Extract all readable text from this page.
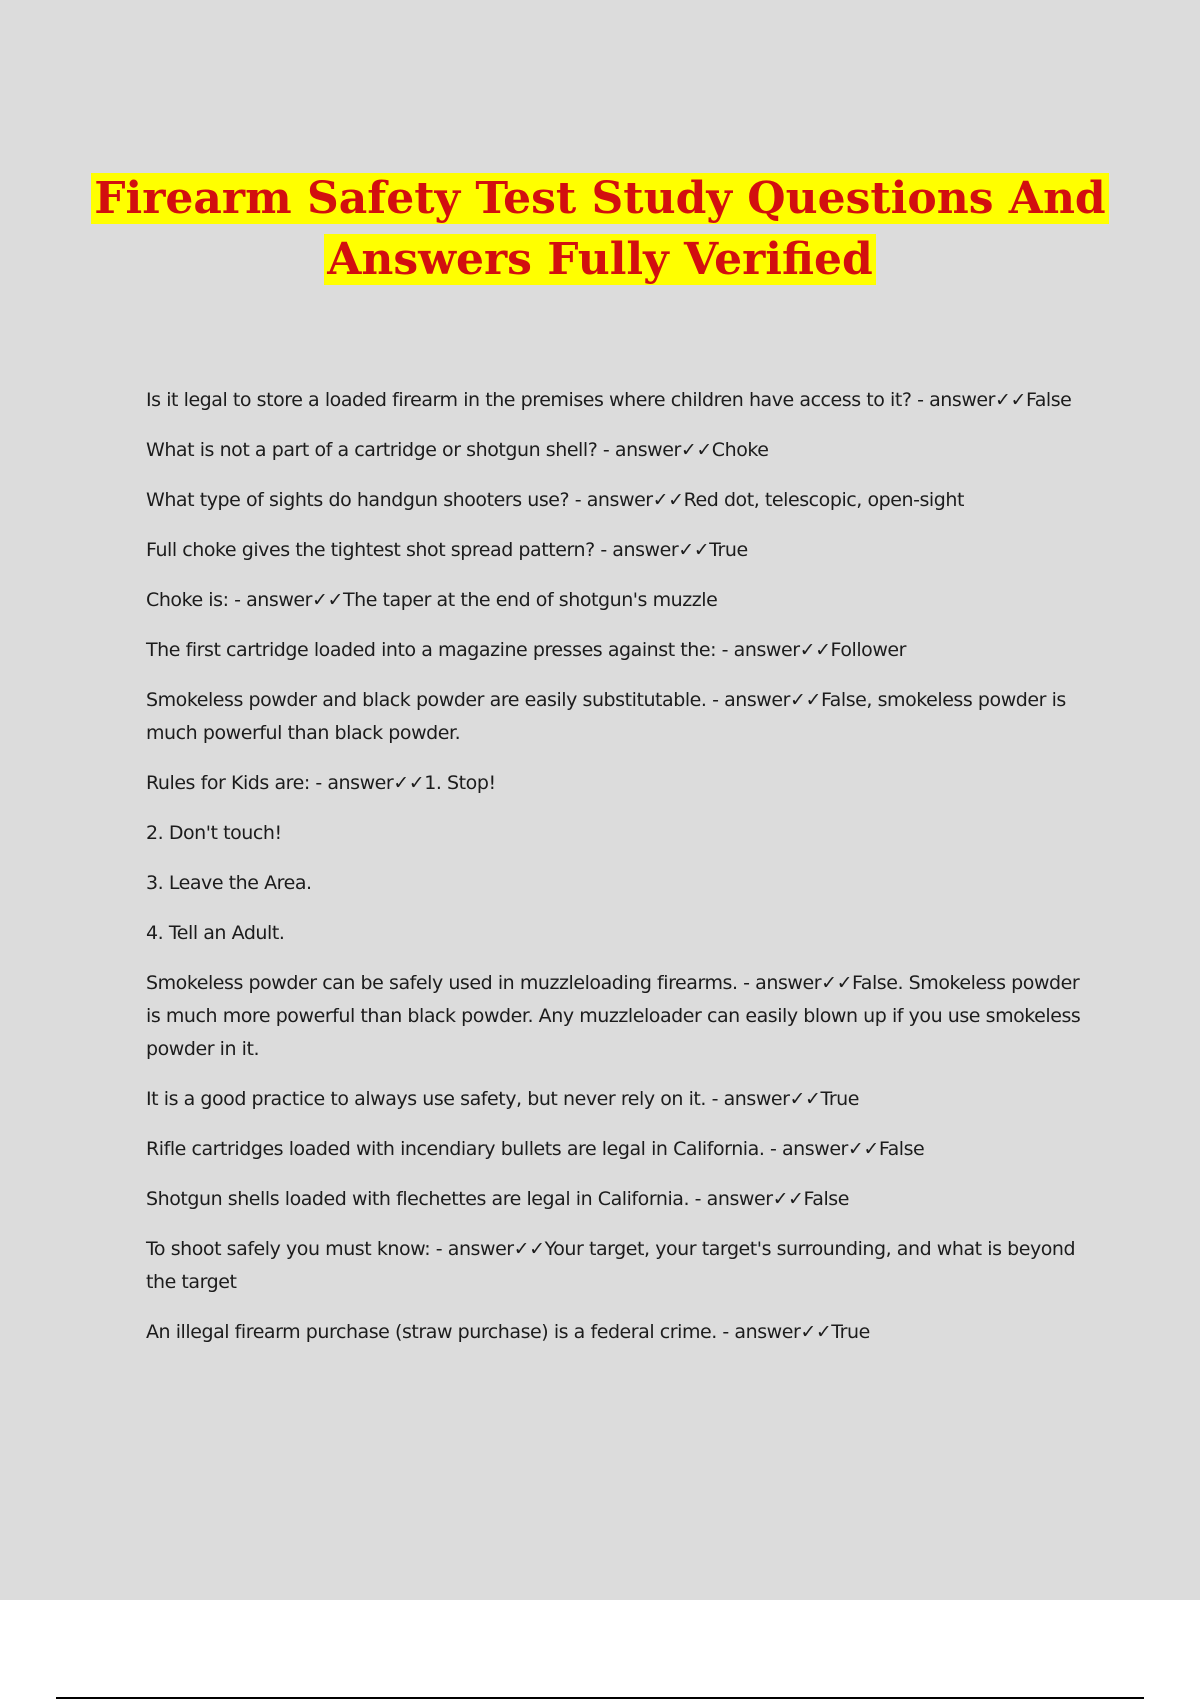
Firearm Safety Test Study Questions And
Answers Fully Verified

Is it legal to store a loaded firearm in the premises where children have access to it? - answer✓✓False

What is not a part of a cartridge or shotgun shell? - answer✓✓Choke

What type of sights do handgun shooters use? - answer✓✓Red dot, telescopic, open-sight

Full choke gives the tightest shot spread pattern? - answer✓✓True

Choke is: - answer✓✓The taper at the end of shotgun's muzzle

The first cartridge loaded into a magazine presses against the: - answer✓✓Follower

Smokeless powder and black powder are easily substitutable. - answer✓✓False, smokeless powder is much powerful than black powder.

Rules for Kids are: - answer✓✓1. Stop!

2. Don't touch!

3. Leave the Area.

4. Tell an Adult.

Smokeless powder can be safely used in muzzleloading firearms. - answer✓✓False. Smokeless powder is much more powerful than black powder. Any muzzleloader can easily blown up if you use smokeless powder in it.

It is a good practice to always use safety, but never rely on it. - answer✓✓True

Rifle cartridges loaded with incendiary bullets are legal in California. - answer✓✓False

Shotgun shells loaded with flechettes are legal in California. - answer✓✓False

To shoot safely you must know: - answer✓✓Your target, your target's surrounding, and what is beyond the target

An illegal firearm purchase (straw purchase) is a federal crime. - answer✓✓True
